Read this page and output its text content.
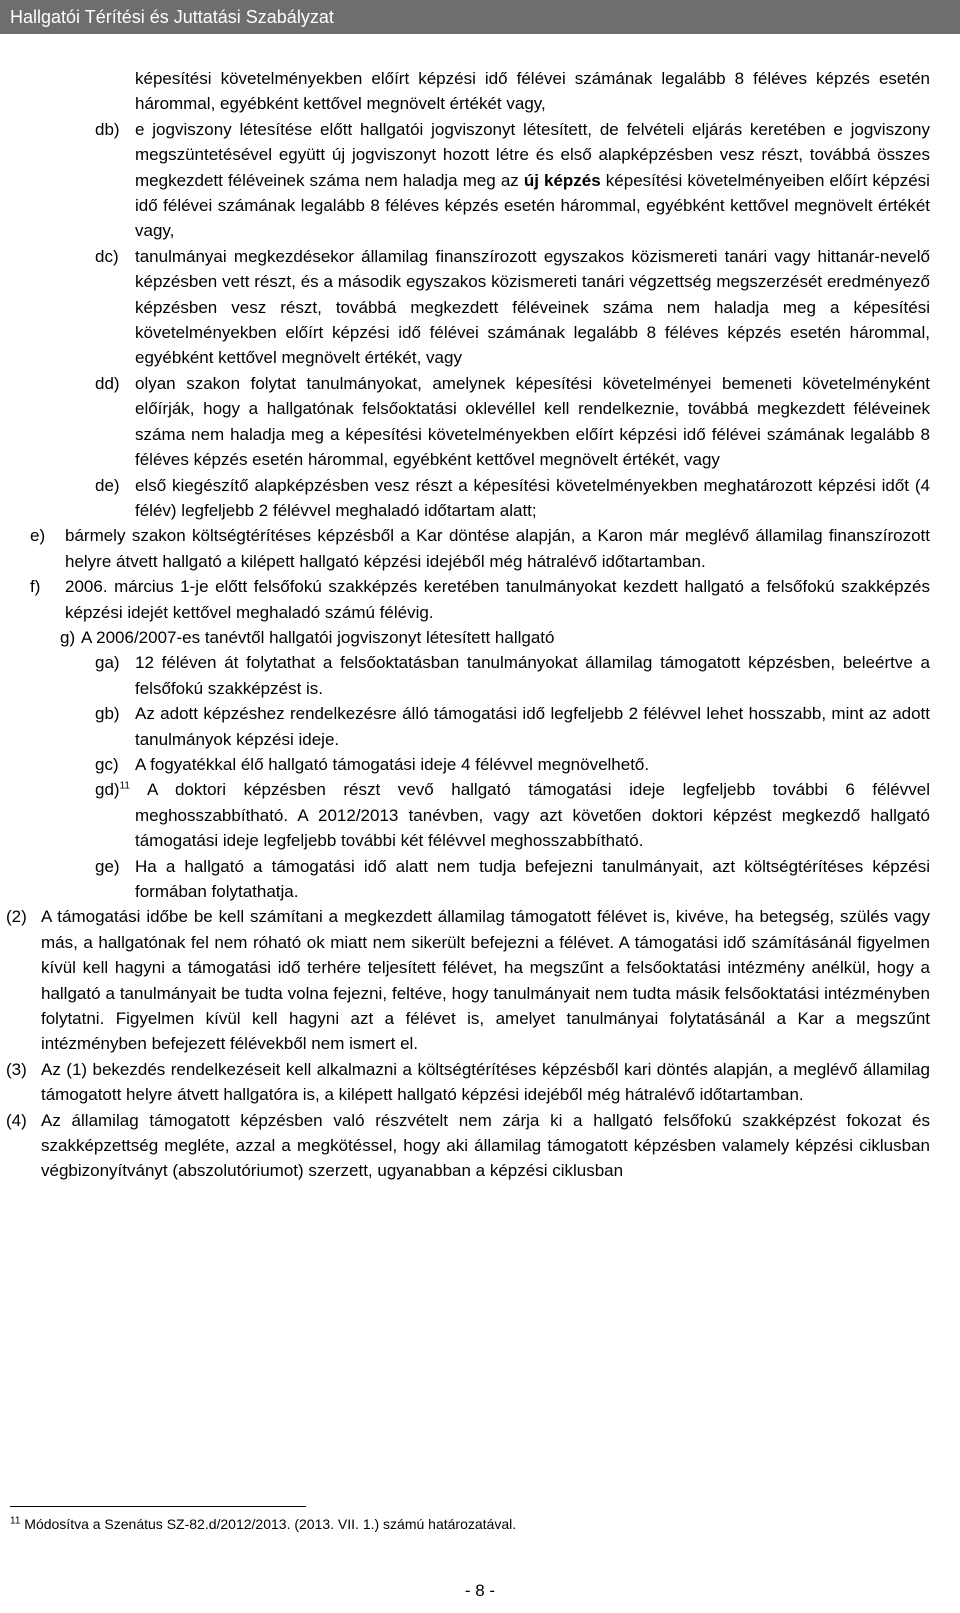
Hallgatói Térítési és Juttatási Szabályzat

képesítési követelményekben előírt képzési idő félévei számának legalább 8 féléves képzés esetén hárommal, egyébként kettővel megnövelt értékét vagy,

db) e jogviszony létesítése előtt hallgatói jogviszonyt létesített, de felvételi eljárás keretében e jogviszony megszüntetésével együtt új jogviszonyt hozott létre és első alapképzésben vesz részt, továbbá összes megkezdett féléveinek száma nem haladja meg az új képzés képesítési követelményeiben előírt képzési idő félévei számának legalább 8 féléves képzés esetén hárommal, egyébként kettővel megnövelt értékét vagy,

dc) tanulmányai megkezdésekor államilag finanszírozott egyszakos közismereti tanári vagy hittanár-nevelő képzésben vett részt, és a második egyszakos közismereti tanári végzettség megszerzését eredményező képzésben vesz részt, továbbá megkezdett féléveinek száma nem haladja meg a képesítési követelményekben előírt képzési idő félévei számának legalább 8 féléves képzés esetén hárommal, egyébként kettővel megnövelt értékét, vagy

dd) olyan szakon folytat tanulmányokat, amelynek képesítési követelményei bemeneti követelményként előírják, hogy a hallgatónak felsőoktatási oklevéllel kell rendelkeznie, továbbá megkezdett féléveinek száma nem haladja meg a képesítési követelményekben előírt képzési idő félévei számának legalább 8 féléves képzés esetén hárommal, egyébként kettővel megnövelt értékét, vagy

de) első kiegészítő alapképzésben vesz részt a képesítési követelményekben meghatározott képzési időt (4 félév) legfeljebb 2 félévvel meghaladó időtartam alatt;

e) bármely szakon költségtérítéses képzésből a Kar döntése alapján, a Karon már meglévő államilag finanszírozott helyre átvett hallgató a kilépett hallgató képzési idejéből még hátralévő időtartamban.

f) 2006. március 1-je előtt felsőfokú szakképzés keretében tanulmányokat kezdett hallgató a felsőfokú szakképzés képzési idejét kettővel meghaladó számú félévig.

g) A 2006/2007-es tanévtől hallgatói jogviszonyt létesített hallgató

ga) 12 féléven át folytathat a felsőoktatásban tanulmányokat államilag támogatott képzésben, beleértve a felsőfokú szakképzést is.

gb) Az adott képzéshez rendelkezésre álló támogatási idő legfeljebb 2 félévvel lehet hosszabb, mint az adott tanulmányok képzési ideje.

gc) A fogyatékkal élő hallgató támogatási ideje 4 félévvel megnövelhető.

gd)$^{11}$ A doktori képzésben részt vevő hallgató támogatási ideje legfeljebb további 6 félévvel meghosszabbítható. A 2012/2013 tanévben, vagy azt követően doktori képzést megkezdő hallgató támogatási ideje legfeljebb további két félévvel meghosszabbítható.

ge) Ha a hallgató a támogatási idő alatt nem tudja befejezni tanulmányait, azt költségtérítéses képzési formában folytathatja.

(2) A támogatási időbe be kell számítani a megkezdett államilag támogatott félévet is, kivéve, ha betegség, szülés vagy más, a hallgatónak fel nem róható ok miatt nem sikerült befejezni a félévet. A támogatási idő számításánál figyelmen kívül kell hagyni a támogatási idő terhére teljesített félévet, ha megszűnt a felsőoktatási intézmény anélkül, hogy a hallgató a tanulmányait be tudta volna fejezni, feltéve, hogy tanulmányait nem tudta másik felsőoktatási intézményben folytatni. Figyelmen kívül kell hagyni azt a félévet is, amelyet tanulmányai folytatásánál a Kar a megszűnt intézményben befejezett félévekből nem ismert el.

(3) Az (1) bekezdés rendelkezéseit kell alkalmazni a költségtérítéses képzésből kari döntés alapján, a meglévő államilag támogatott helyre átvett hallgatóra is, a kilépett hallgató képzési idejéből még hátralévő időtartamban.

(4) Az államilag támogatott képzésben való részvételt nem zárja ki a hallgató felsőfokú szakképzést fokozat és szakképzettség megléte, azzal a megkötéssel, hogy aki államilag támogatott képzésben valamely képzési ciklusban végbizonyítványt (abszolutóriumot) szerzett, ugyanabban a képzési ciklusban

$^{11}$ Módosítva a Szenátus SZ-82.d/2012/2013. (2013. VII. 1.) számú határozatával.
- 8 -
